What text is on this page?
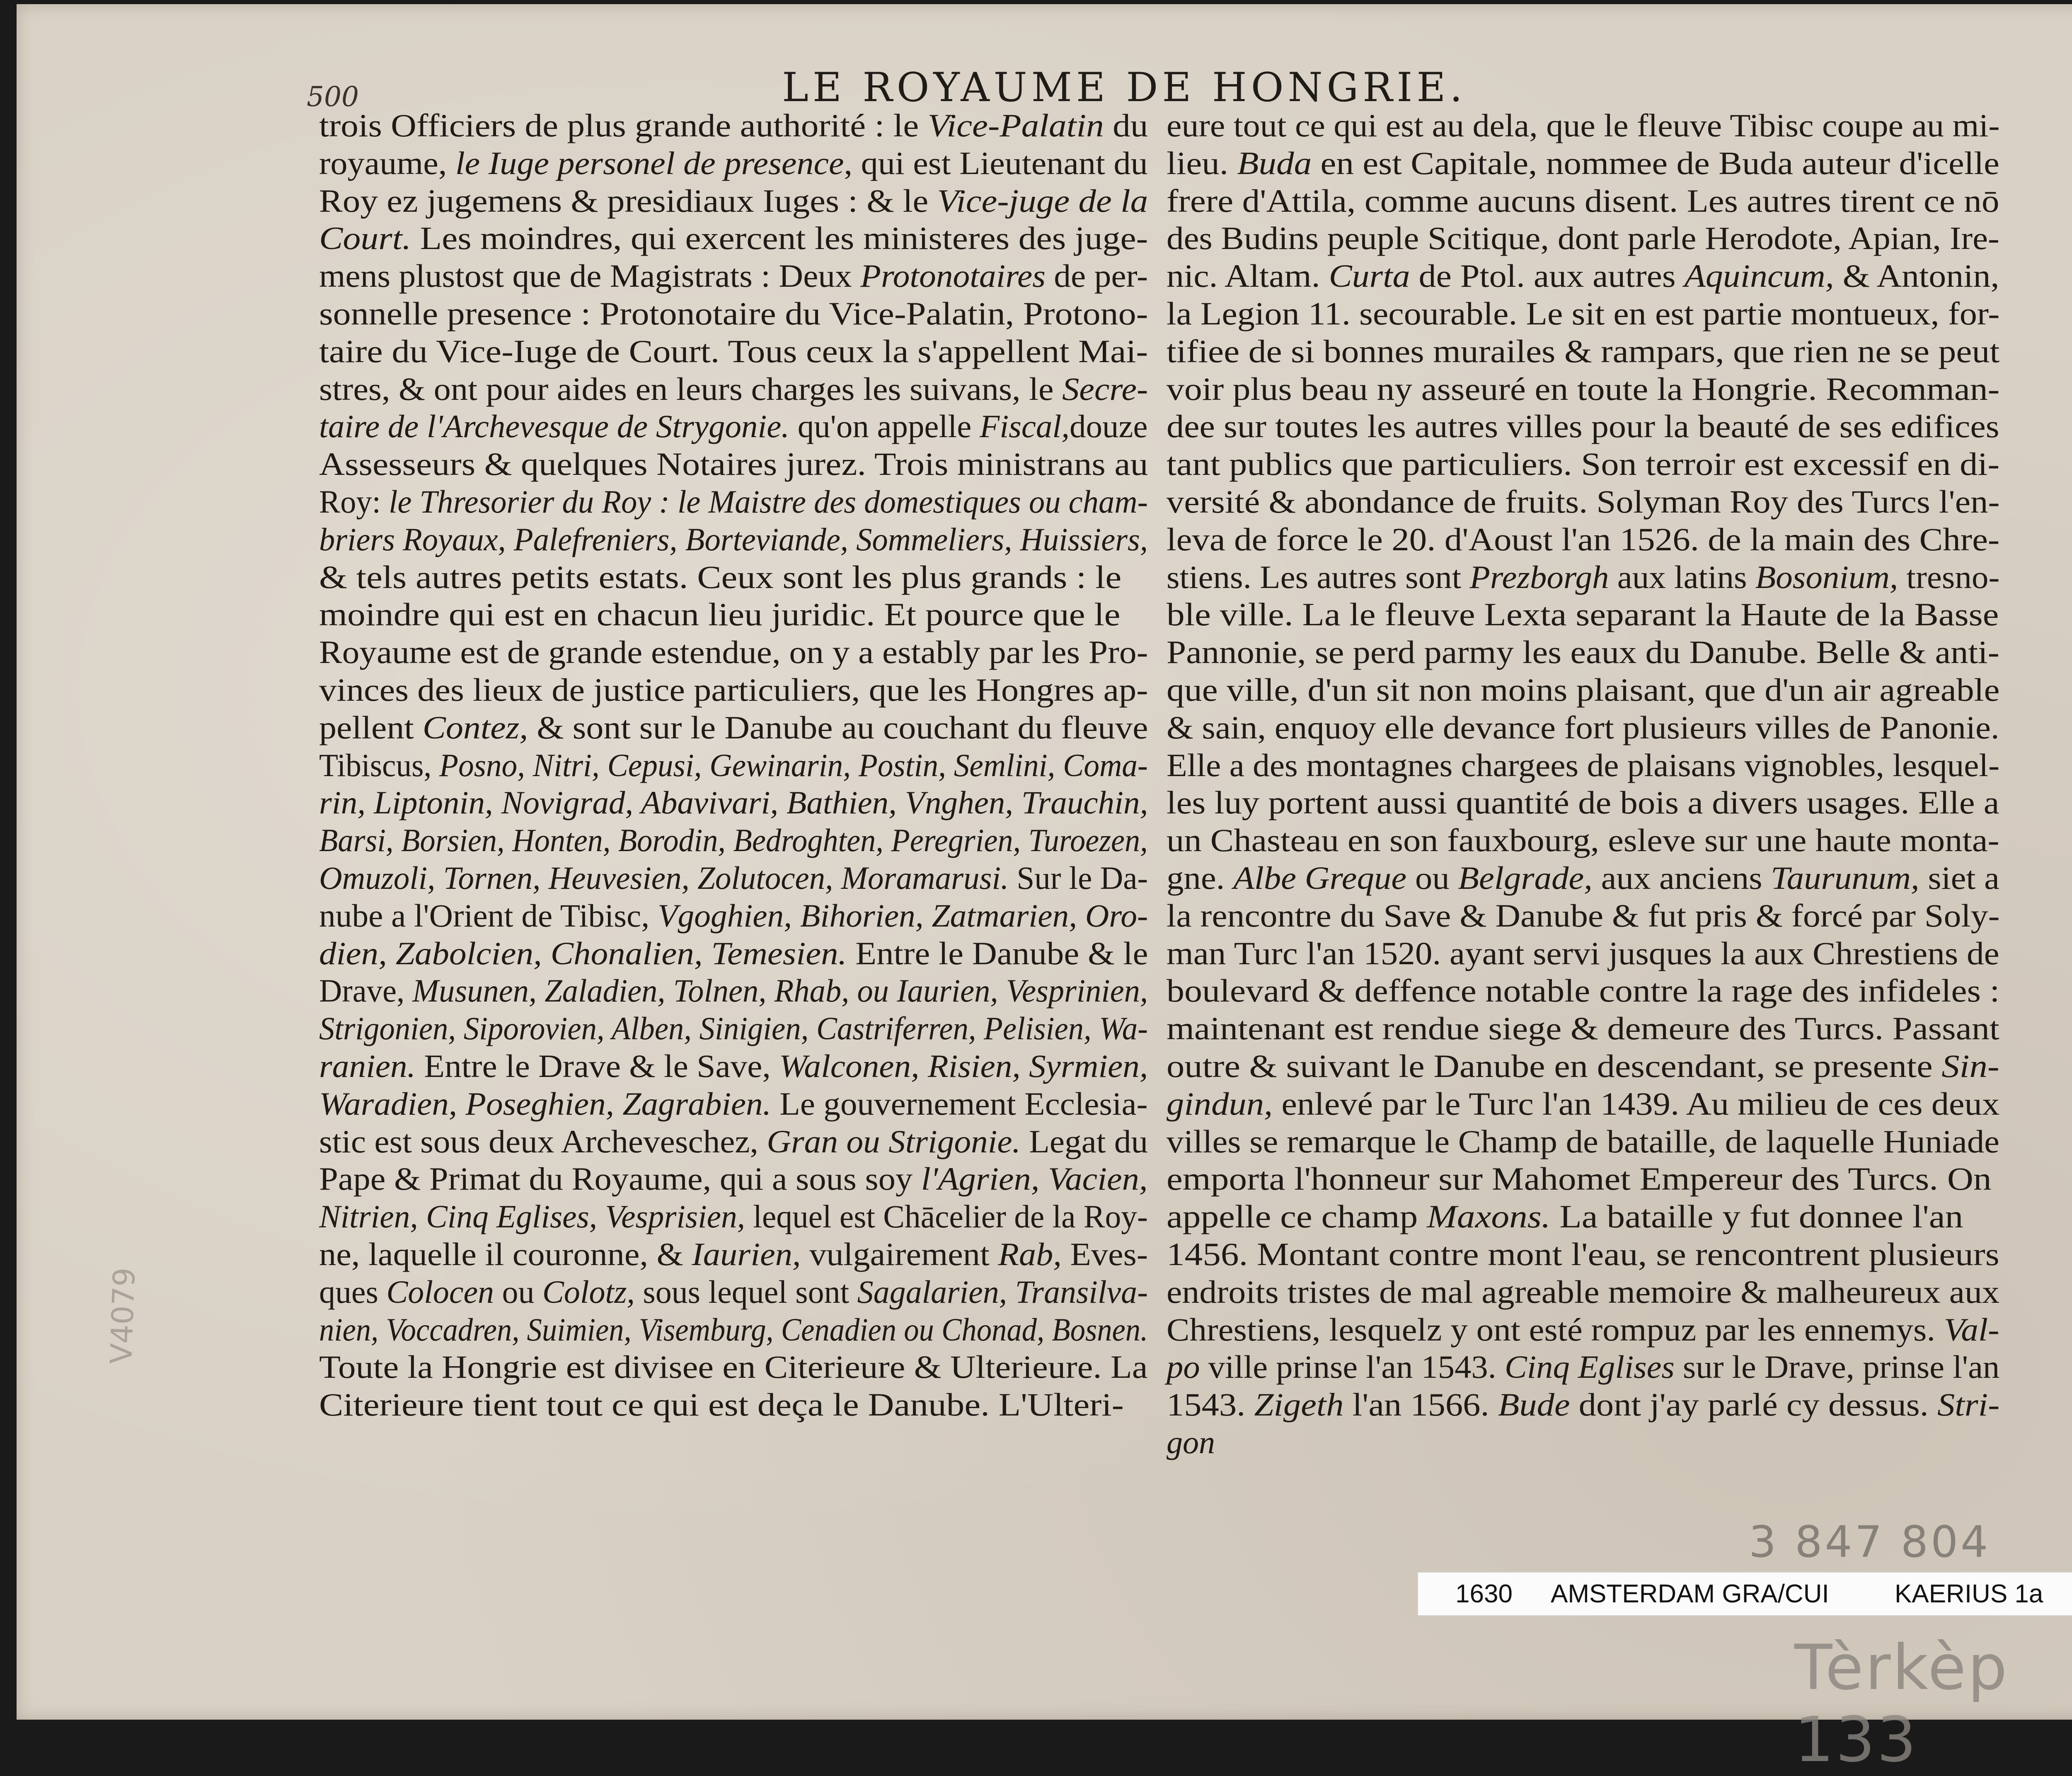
500	LE ROYAUME DE HONGRIE.
trois Officiers de plus grande authorité : le Vice-Palatin du
royaume, le Iuge personel de presence, qui est Lieutenant du
Roy ez jugemens & presidiaux Iuges : & le Vice-juge de la
Court. Les moindres, qui exercent les ministeres des juge-
mens plustost que de Magistrats : Deux Protonotaires de per-
sonnelle presence : Protonotaire du Vice-Palatin, Protono-
taire du Vice-Iuge de Court. Tous ceux la s'appellent Mai-
stres, & ont pour aides en leurs charges les suivans, le Secre-
taire de l'Archevesque de Strygonie. qu'on appelle Fiscal,douze
Assesseurs & quelques Notaires jurez. Trois ministrans au
Roy: le Thresorier du Roy : le Maistre des domestiques ou cham-
briers Royaux, Palefreniers, Borteviande, Sommeliers, Huissiers,
& tels autres petits estats. Ceux sont les plus grands : le
moindre qui est en chacun lieu juridic. Et pource que le
Royaume est de grande estendue, on y a estably par les Pro-
vinces des lieux de justice particuliers, que les Hongres ap-
pellent Contez, & sont sur le Danube au couchant du fleuve
Tibiscus, Posno, Nitri, Cepusi, Gewinarin, Postin, Semlini, Coma-
rin, Liptonin, Novigrad, Abavivari, Bathien, Vnghen, Trauchin,
Barsi, Borsien, Honten, Borodin, Bedroghten, Peregrien, Turoezen,
Omuzoli, Tornen, Heuvesien, Zolutocen, Moramarusi. Sur le Da-
nube a l'Orient de Tibisc, Vgoghien, Bihorien, Zatmarien, Oro-
dien, Zabolcien, Chonalien, Temesien. Entre le Danube & le
Drave, Musunen, Zaladien, Tolnen, Rhab, ou Iaurien, Vesprinien,
Strigonien, Siporovien, Alben, Sinigien, Castriferren, Pelisien, Wa-
ranien. Entre le Drave & le Save, Walconen, Risien, Syrmien,
Waradien, Poseghien, Zagrabien. Le gouvernement Ecclesia-
stic est sous deux Archeveschez, Gran ou Strigonie. Legat du
Pape & Primat du Royaume, qui a sous soy l'Agrien, Vacien,
Nitrien, Cinq Eglises, Vesprisien, lequel est Chācelier de la Roy-
ne, laquelle il couronne, & Iaurien, vulgairement Rab, Eves-
ques Colocen ou Colotz, sous lequel sont Sagalarien, Transilva-
nien, Voccadren, Suimien, Visemburg, Cenadien ou Chonad, Bosnen.
Toute la Hongrie est divisee en Citerieure & Ulterieure. La
Citerieure tient tout ce qui est deça le Danube. L'Ulteri-
eure tout ce qui est au dela, que le fleuve Tibisc coupe au mi-
lieu. Buda en est Capitale, nommee de Buda auteur d'icelle
frere d'Attila, comme aucuns disent. Les autres tirent ce nō
des Budins peuple Scitique, dont parle Herodote, Apian, Ire-
nic. Altam. Curta de Ptol. aux autres Aquincum, & Antonin,
la Legion 11. secourable. Le sit en est partie montueux, for-
tifiee de si bonnes murailes & rampars, que rien ne se peut
voir plus beau ny asseuré en toute la Hongrie. Recomman-
dee sur toutes les autres villes pour la beauté de ses edifices
tant publics que particuliers. Son terroir est excessif en di-
versité & abondance de fruits. Solyman Roy des Turcs l'en-
leva de force le 20. d'Aoust l'an 1526. de la main des Chre-
stiens. Les autres sont Prezborgh aux latins Bosonium, tresno-
ble ville. La le fleuve Lexta separant la Haute de la Basse
Pannonie, se perd parmy les eaux du Danube. Belle & anti-
que ville, d'un sit non moins plaisant, que d'un air agreable
& sain, enquoy elle devance fort plusieurs villes de Panonie.
Elle a des montagnes chargees de plaisans vignobles, lesquel-
les luy portent aussi quantité de bois a divers usages. Elle a
un Chasteau en son fauxbourg, esleve sur une haute monta-
gne. Albe Greque ou Belgrade, aux anciens Taurunum, siet a
la rencontre du Save & Danube & fut pris & forcé par Soly-
man Turc l'an 1520. ayant servi jusques la aux Chrestiens de
boulevard & deffence notable contre la rage des infideles :
maintenant est rendue siege & demeure des Turcs. Passant
outre & suivant le Danube en descendant, se presente Sin-
gindun, enlevé par le Turc l'an 1439. Au milieu de ces deux
villes se remarque le Champ de bataille, de laquelle Huniade
emporta l'honneur sur Mahomet Empereur des Turcs. On
appelle ce champ Maxons. La bataille y fut donnee l'an
1456. Montant contre mont l'eau, se rencontrent plusieurs
endroits tristes de mal agreable memoire & malheureux aux
Chrestiens, lesquelz y ont esté rompuz par les ennemys. Val-
po ville prinse l'an 1543. Cinq Eglises sur le Drave, prinse l'an
1543. Zigeth l'an 1566. Bude dont j'ay parlé cy dessus. Stri-
gon
3 847 804
1630 AMSTERDAM GRA/CUI	KAERIUS 1a
Tèrkèp 133
V4079
